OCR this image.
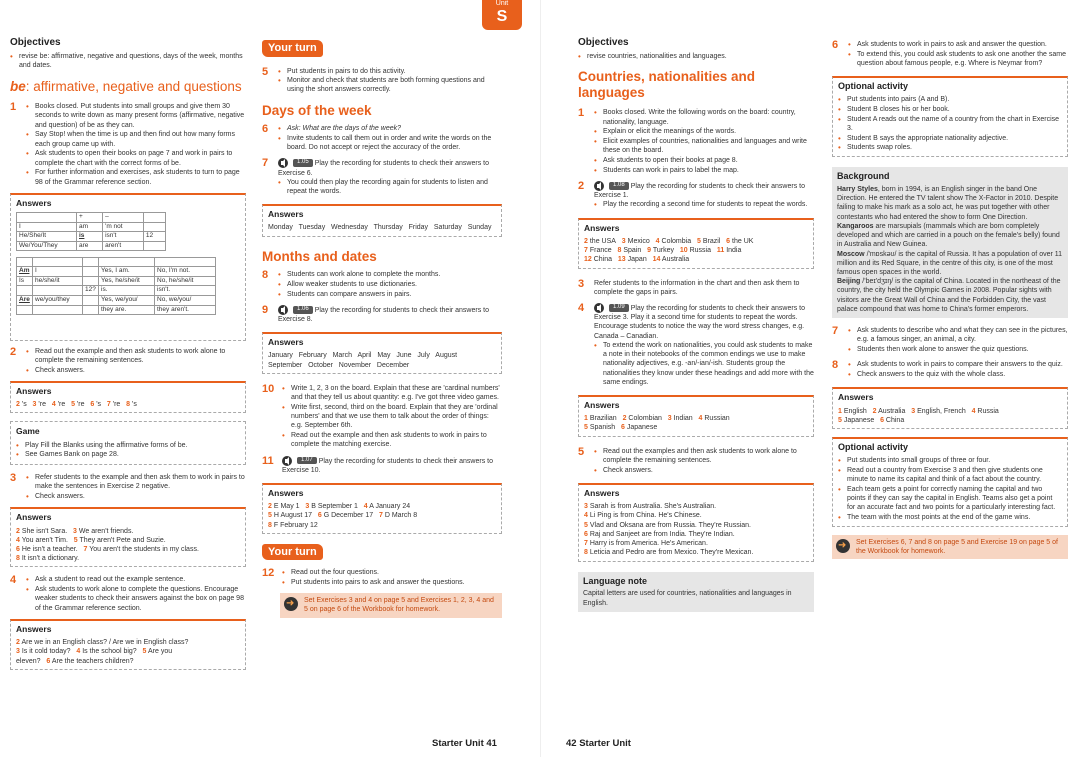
Unit
S
Objectives
• revise be: affirmative, negative and questions, days of the week, months and dates.
be: affirmative, negative and questions
1	• Books closed. Put students into small groups and give them 30 seconds to write down as many present forms (affirmative, negative and question) of be as they can.
• Say Stop! when the time is up and then find out how many forms each group came up with.
• Ask students to open their books on page 7 and work in pairs to complete the chart with the correct forms of be.
• For further information and exercises, ask students to turn to page 98 of the Grammar reference section.
Answers
	+	–	
I	am	'm not	
He/She/It	is	isn't	12
We/You/They	are	aren't	

Am	I		Yes, I am.	No, I'm not.
Is	he/she/it		Yes, he/she/it	No, he/she/it
		12?	is.	isn't.
Are	we/you/they		Yes, we/you/	No, we/you/
			they are.	they aren't.
2	• Read out the example and then ask students to work alone to complete the remaining sentences.
• Check answers.
Answers
2 's 3 're 4 're 5 're 6 's 7 're 8 's
Game
• Play Fill the Blanks using the affirmative forms of be.
• See Games Bank on page 28.
3	• Refer students to the example and then ask them to work in pairs to make the sentences in Exercise 2 negative.
• Check answers.
Answers
2 She isn't Sara. 3 We aren't friends.
4 You aren't Tim. 5 They aren't Pete and Suzie.
6 He isn't a teacher. 7 You aren't the students in my class.
8 It isn't a dictionary.
4	• Ask a student to read out the example sentence.
• Ask students to work alone to complete the questions. Encourage weaker students to check their answers against the box on page 98 of the Grammar reference section.
Answers
2 Are we in an English class? / Are we in English class?
3 Is it cold today? 4 Is the school big? 5 Are you
eleven? 6 Are the teachers children?
Your turn
5	• Put students in pairs to do this activity.
• Monitor and check that students are both forming questions and using the short answers correctly.
Days of the week
6	• Ask: What are the days of the week?
• Invite students to call them out in order and write the words on the board. Do not accept or reject the accuracy of the order.
7	1.05 Play the recording for students to check their answers to Exercise 6.
• You could then play the recording again for students to listen and repeat the words.
Answers
Monday   Tuesday   Wednesday   Thursday   Friday   Saturday   Sunday
Months and dates
8	• Students can work alone to complete the months.
• Allow weaker students to use dictionaries.
• Students can compare answers in pairs.
9	1.06 Play the recording for students to check their answers to Exercise 8.
Answers
January   February   March   April   May   June   July   August   September   October   November   December
10	• Write 1, 2, 3 on the board. Explain that these are 'cardinal numbers' and that they tell us about quantity: e.g. I've got three video games.
• Write first, second, third on the board. Explain that they are 'ordinal numbers' and that we use them to talk about the order of things: e.g. September 6th.
• Read out the example and then ask students to work in pairs to complete the matching exercise.
11	1.07 Play the recording for students to check their answers to Exercise 10.
Answers
2 E May 1 3 B September 1 4 A January 24
5 H August 17 6 G December 17 7 D March 8
8 F February 12
Your turn
12	• Read out the four questions.
• Put students into pairs to ask and answer the questions.
➜
Set Exercises 3 and 4 on page 5 and Exercises 1, 2, 3, 4 and 5 on page 6 of the Workbook for homework.
Starter Unit 41
Objectives
• revise countries, nationalities and languages.
Countries, nationalities and languages
1	• Books closed. Write the following words on the board: country, nationality, language.
• Explain or elicit the meanings of the words.
• Elicit examples of countries, nationalities and languages and write these on the board.
• Ask students to open their books at page 8.
• Students can work in pairs to label the map.
2	1.08 Play the recording for students to check their answers to Exercise 1.
• Play the recording a second time for students to repeat the words.
Answers
2 the USA 3 Mexico 4 Colombia 5 Brazil 6 the UK
7 France 8 Spain 9 Turkey 10 Russia 11 India
12 China 13 Japan 14 Australia
3 Refer students to the information in the chart and then ask them to complete the gaps in pairs.
4	1.09 Play the recording for students to check their answers to Exercise 3. Play it a second time for students to repeat the words. Encourage students to notice the way the word stress changes, e.g. Canada – Canadian.
• To extend the work on nationalities, you could ask students to make a note in their notebooks of the common endings we use to make nationality adjectives, e.g. -an/-ian/-ish. Students group the nationalities they know under these headings and add more with the same endings.
Answers
1 Brazilian 2 Colombian 3 Indian 4 Russian
5 Spanish 6 Japanese
5	• Read out the examples and then ask students to work alone to complete the remaining sentences.
• Check answers.
Answers
3 Sarah is from Australia. She's Australian.
4 Li Ping is from China. He's Chinese.
5 Vlad and Oksana are from Russia. They're Russian.
6 Raj and Sanjeet are from India. They're Indian.
7 Harry is from America. He's American.
8 Leticia and Pedro are from Mexico. They're Mexican.
Language note
Capital letters are used for countries, nationalities and languages in English.
42 Starter Unit
6	• Ask students to work in pairs to ask and answer the question.
• To extend this, you could ask students to ask one another the same question about famous people, e.g. Where is Neymar from?
Optional activity
• Put students into pairs (A and B).
• Student B closes his or her book.
• Student A reads out the name of a country from the chart in Exercise 3.
• Student B says the appropriate nationality adjective.
• Students swap roles.
Background
Harry Styles, born in 1994, is an English singer in the band One Direction. He entered the TV talent show The X-Factor in 2010. Despite failing to make his mark as a solo act, he was put together with other contestants who had entered the show to form One Direction.
Kangaroos are marsupials (mammals which are born completely developed and which are carried in a pouch on the female's belly) found in Australia and New Guinea.
Moscow /'mɒskəʊ/ is the capital of Russia. It has a population of over 11 million and its Red Square, in the centre of this city, is one of the most famous open spaces in the world.
Beijing /'beɪ'dʒɪŋ/ is the capital of China. Located in the northeast of the country, the city held the Olympic Games in 2008. Popular sights with visitors are the Great Wall of China and the Forbidden City, the vast palace compound that was home to China's former emperors.
7	• Ask students to describe who and what they can see in the pictures, e.g. a famous singer, an animal, a city.
• Students then work alone to answer the quiz questions.
8	• Ask students to work in pairs to compare their answers to the quiz.
• Check answers to the quiz with the whole class.
Answers
1 English 2 Australia 3 English, French 4 Russia
5 Japanese 6 China
Optional activity
• Put students into small groups of three or four.
• Read out a country from Exercise 3 and then give students one minute to name its capital and think of a fact about the country.
• Each team gets a point for correctly naming the capital and two points if they can say the capital in English. Teams also get a point for an accurate fact and two points for a particularly interesting fact.
• The team with the most points at the end of the game wins.
➜
Set Exercises 6, 7 and 8 on page 5 and Exercise 19 on page 5 of the Workbook for homework.
